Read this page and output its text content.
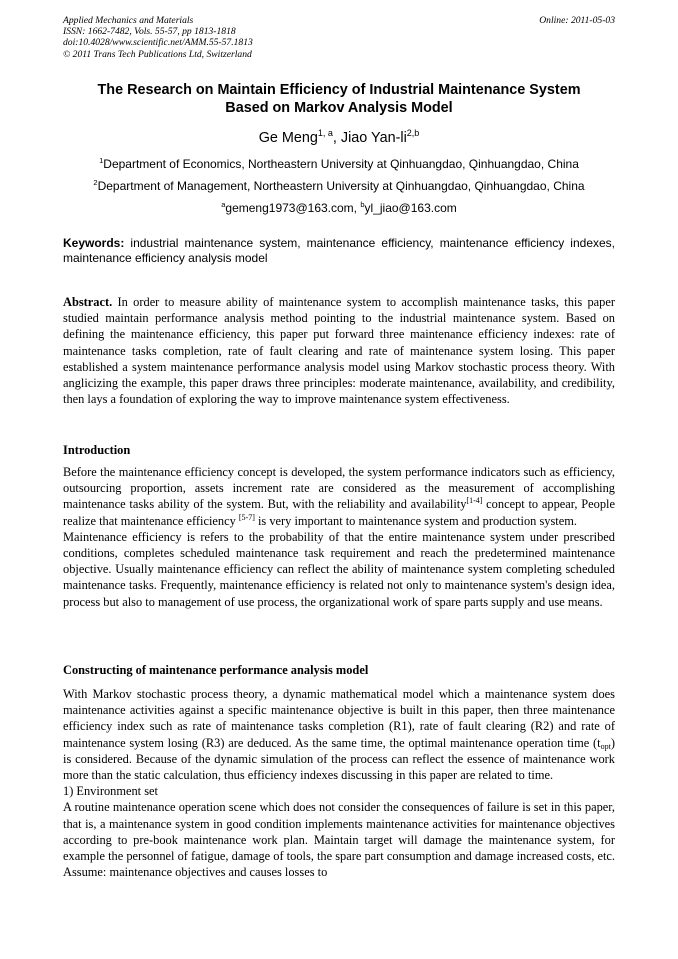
Applied Mechanics and Materials
ISSN: 1662-7482, Vols. 55-57, pp 1813-1818
doi:10.4028/www.scientific.net/AMM.55-57.1813
© 2011 Trans Tech Publications Ltd, Switzerland
Online: 2011-05-03
The Research on Maintain Efficiency of Industrial Maintenance System
Based on Markov Analysis Model
Ge Meng$^{1, a}$, Jiao Yan-li$^{2,b}$
$^1$Department of Economics, Northeastern University at Qinhuangdao, Qinhuangdao, China
$^2$Department of Management, Northeastern University at Qinhuangdao, Qinhuangdao, China
$^a$gemeng1973@163.com, $^b$yl_jiao@163.com
Keywords: industrial maintenance system, maintenance efficiency, maintenance efficiency indexes, maintenance efficiency analysis model

Abstract. In order to measure ability of maintenance system to accomplish maintenance tasks, this paper studied maintain performance analysis method pointing to the industrial maintenance system. Based on defining the maintenance efficiency, this paper put forward three maintenance efficiency indexes: rate of maintenance tasks completion, rate of fault clearing and rate of maintenance system losing. This paper established a system maintenance performance analysis model using Markov stochastic process theory. With anglicizing the example, this paper draws three principles: moderate maintenance, availability, and credibility, then lays a foundation of exploring the way to improve maintenance system effectiveness.

Introduction

Before the maintenance efficiency concept is developed, the system performance indicators such as efficiency, outsourcing proportion, assets increment rate are considered as the measurement of accomplishing maintenance tasks ability of the system. But, with the reliability and availability[1-4] concept to appear, People realize that maintenance efficiency [5-7] is very important to maintenance system and production system.

Maintenance efficiency is refers to the probability of that the entire maintenance system under prescribed conditions, completes scheduled maintenance task requirement and reach the predetermined maintenance objective. Usually maintenance efficiency can reflect the ability of maintenance system completing scheduled maintenance tasks. Frequently, maintenance efficiency is related not only to maintenance system's design idea, process but also to management of use process, the organizational work of spare parts supply and use means.

Constructing of maintenance performance analysis model

With Markov stochastic process theory, a dynamic mathematical model which a maintenance system does maintenance activities against a specific maintenance objective is built in this paper, then three maintenance efficiency index such as rate of maintenance tasks completion (R1), rate of fault clearing (R2) and rate of maintenance system losing (R3) are deduced. As the same time, the optimal maintenance operation time $(t_{opt})$ is considered. Because of the dynamic simulation of the process can reflect the essence of maintenance work more than the static calculation, thus efficiency indexes discussing in this paper are related to time.

1) Environment set

A routine maintenance operation scene which does not consider the consequences of failure is set in this paper, that is, a maintenance system in good condition implements maintenance activities for maintenance objectives according to pre-book maintenance work plan. Maintain target will damage the maintenance system, for example the personnel of fatigue, damage of tools, the spare part consumption and damage increased costs, etc. Assume: maintenance objectives and causes losses to
